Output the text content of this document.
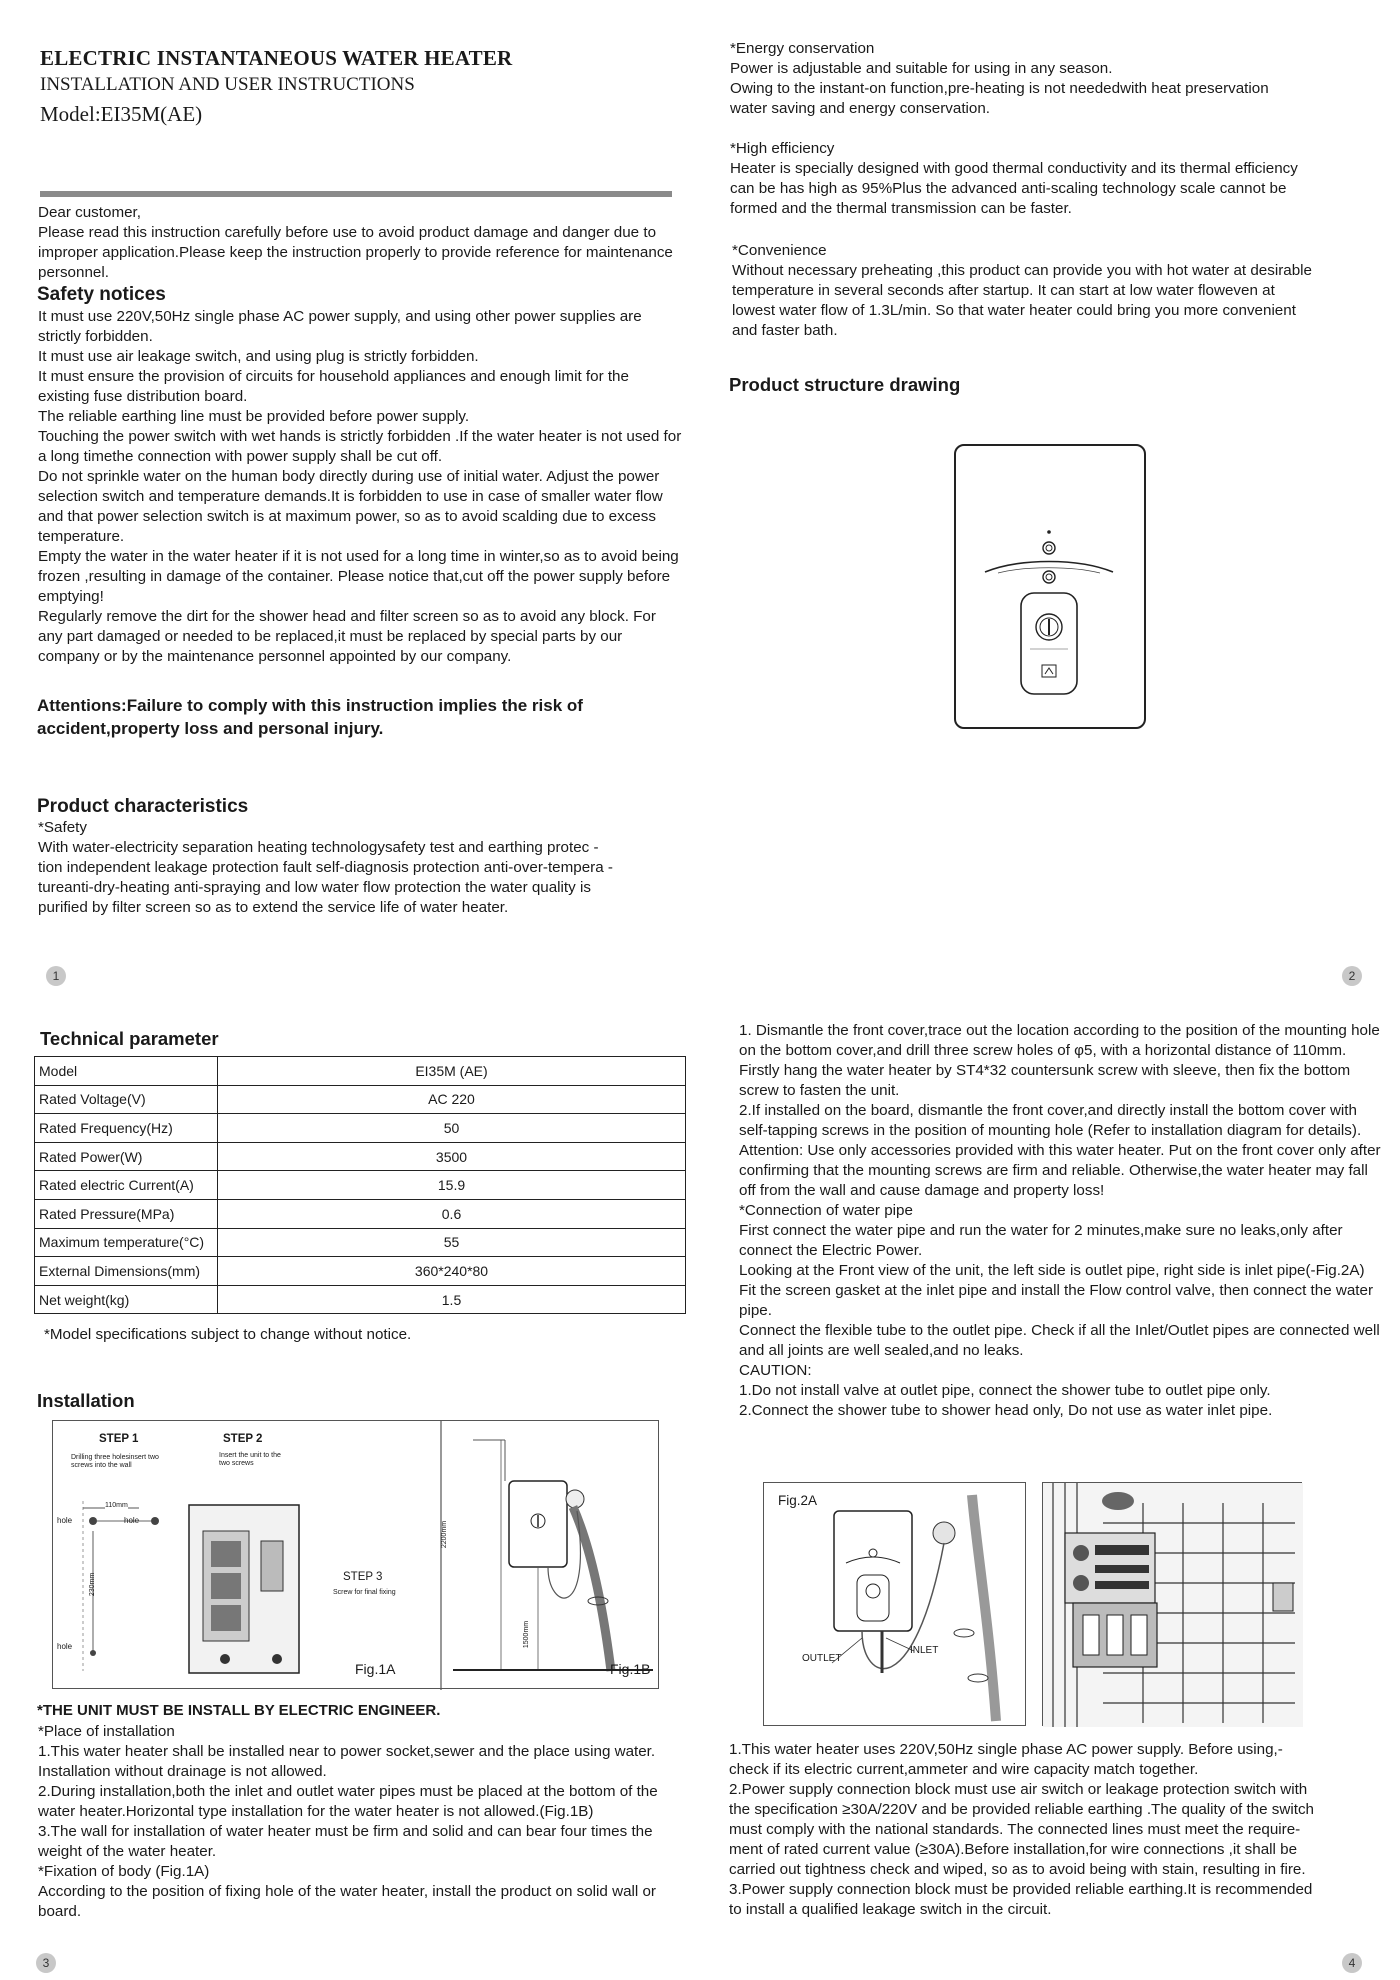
ELECTRIC INSTANTANEOUS WATER HEATER
INSTALLATION AND USER INSTRUCTIONS
Model:EI35M(AE)

Dear customer,

Please read this instruction carefully before use to avoid product damage and danger due to improper application.Please keep the instruction properly to provide reference for maintenance personnel.

Safety notices

It must use 220V,50Hz single phase AC power supply, and using other power supplies are strictly forbidden.

It must use air leakage switch, and using plug is strictly forbidden.

It must ensure the provision of circuits for household appliances and enough limit for the existing fuse distribution board.

The reliable earthing line must be provided before power supply.

Touching the power switch with wet hands is strictly forbidden .If the water heater is not used for a long timethe connection with power supply shall be cut off.

Do not sprinkle water on the human body directly during use of initial water. Adjust the power selection switch and temperature demands.It is forbidden to use in case of smaller water flow and that power selection switch is at maximum power, so as to avoid scalding due to excess temperature.

Empty the water in the water heater if it is not used for a long time in winter,so as to avoid being frozen ,resulting in damage of the container. Please notice that,cut off the power supply before emptying!

Regularly remove the dirt for the shower head and filter screen so as to avoid any block. For any part damaged or needed to be replaced,it must be replaced by special parts by our company or by the maintenance personnel appointed by our company.

Attentions:Failure to comply with this instruction implies the risk of accident,property loss and personal injury.
Product characteristics

*Safety

With water-electricity separation heating technologysafety test and earthing protec -

tion independent leakage protection fault self-diagnosis protection anti-over-tempera -

tureanti-dry-heating anti-spraying and low water flow protection the water quality is

purified by filter screen so as to extend the service life of water heater.

1

*Energy conservation

Power is adjustable and suitable for using in any season.

Owing to the instant-on function,pre-heating is not neededwith heat preservation

water saving and energy conservation.

*High efficiency

Heater is specially designed with good thermal conductivity and its thermal efficiency

can be has high as 95%Plus the advanced anti-scaling technology scale cannot be

formed and the thermal transmission can be faster.

*Convenience

Without necessary preheating ,this product can provide you with hot water at desirable

temperature in several seconds after startup. It can start at low water floweven at

lowest water flow of 1.3L/min. So that water heater could bring you more convenient

and faster bath.

Product structure drawing
2
Technical parameter
Model	EI35M (AE)
Rated Voltage(V)	AC 220
Rated Frequency(Hz)	50
Rated Power(W)	3500
Rated electric Current(A)	15.9
Rated Pressure(MPa)	0.6
Maximum temperature(°C)	55
External Dimensions(mm)	360*240*80
Net weight(kg)	1.5
*Model specifications subject to change without notice.
Installation
STEP 1
Drilling three holesinsert two screws into the wall
STEP 2
Insert the unit to the two screws
110mm
hole	hole
hole
230mm	STEP 3
Screw for final fixing
Fig.1A
2200mm
1500mm
Fig.1B
*THE UNIT MUST BE INSTALL BY ELECTRIC ENGINEER.

*Place of installation

1.This water heater shall be installed near to power socket,sewer and the place using water. Installation without drainage is not allowed.

2.During installation,both the inlet and outlet water pipes must be placed at the bottom of the water heater.Horizontal type installation for the water heater is not allowed.(Fig.1B)

3.The wall for installation of water heater must be firm and solid and can bear four times the weight of the water heater.

*Fixation of body (Fig.1A)

According to the position of fixing hole of the water heater, install the product on solid wall or board.

3

1. Dismantle the front cover,trace out the location according to the position of the mounting hole on the bottom cover,and drill three screw holes of φ5, with a horizontal distance of 110mm. Firstly hang the water heater by ST4*32 countersunk screw with sleeve, then fix the bottom screw to fasten the unit.

2.If installed on the board, dismantle the front cover,and directly install the bottom cover with self-tapping screws in the position of mounting hole (Refer to installation diagram for details).

Attention: Use only accessories provided with this water heater. Put on the front cover only after confirming that the mounting screws are firm and reliable. Otherwise,the water heater may fall off from the wall and cause damage and property loss!

*Connection of water pipe

First connect the water pipe and run the water for 2 minutes,make sure no leaks,only after connect the Electric Power.

Looking at the Front view of the unit, the left side is outlet pipe, right side is inlet pipe(-Fig.2A)

Fit the screen gasket at the inlet pipe and install the Flow control valve, then connect the water pipe.

Connect the flexible tube to the outlet pipe. Check if all the Inlet/Outlet pipes are connected well and all joints are well sealed,and no leaks.

CAUTION:

1.Do not install valve at outlet pipe, connect the shower tube to outlet pipe only.

2.Connect the shower tube to shower head only, Do not use as water inlet pipe.

Fig.2A
OUTLET
INLET

1.This water heater uses 220V,50Hz single phase AC power supply. Before using,-

check if its electric current,ammeter and wire capacity match together.

2.Power supply connection block must use air switch or leakage protection switch with

the specification ≥30A/220V and be provided reliable earthing .The quality of the switch

must comply with the national standards. The connected lines must meet the require-

ment of rated current value (≥30A).Before installation,for wire connections ,it shall be

carried out tightness check and wiped, so as to avoid being with stain, resulting in fire.

3.Power supply connection block must be provided reliable earthing.It is recommended

to install a qualified leakage switch in the circuit.

4
